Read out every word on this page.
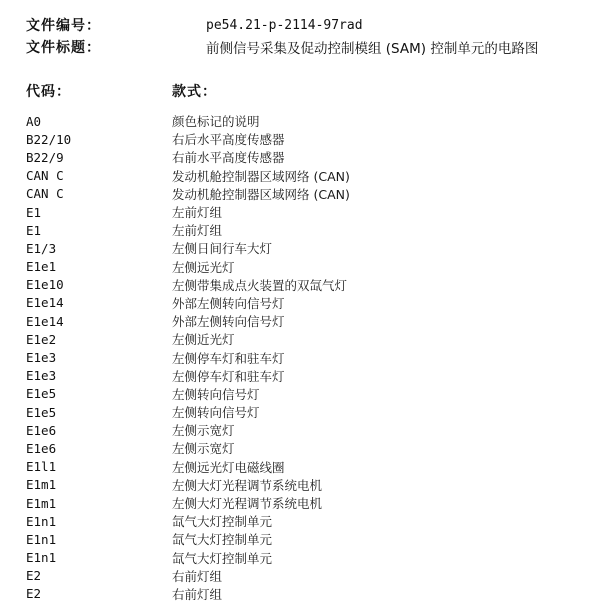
文件编号：	pe54.21-p-2114-97rad
文件标题：	前侧信号采集及促动控制模组 (SAM) 控制单元的电路图
代码：	款式：
A0	颜色标记的说明
B22/10	右后水平高度传感器
B22/9	右前水平高度传感器
CAN C	发动机舱控制器区域网络 (CAN)
CAN C	发动机舱控制器区域网络 (CAN)
E1	左前灯组
E1	左前灯组
E1/3	左侧日间行车大灯
E1e1	左侧远光灯
E1e10	左侧带集成点火装置的双氙气灯
E1e14	外部左侧转向信号灯
E1e14	外部左侧转向信号灯
E1e2	左侧近光灯
E1e3	左侧停车灯和驻车灯
E1e3	左侧停车灯和驻车灯
E1e5	左侧转向信号灯
E1e5	左侧转向信号灯
E1e6	左侧示宽灯
E1e6	左侧示宽灯
E1l1	左侧远光灯电磁线圈
E1m1	左侧大灯光程调节系统电机
E1m1	左侧大灯光程调节系统电机
E1n1	氙气大灯控制单元
E1n1	氙气大灯控制单元
E1n1	氙气大灯控制单元
E2	右前灯组
E2	右前灯组
